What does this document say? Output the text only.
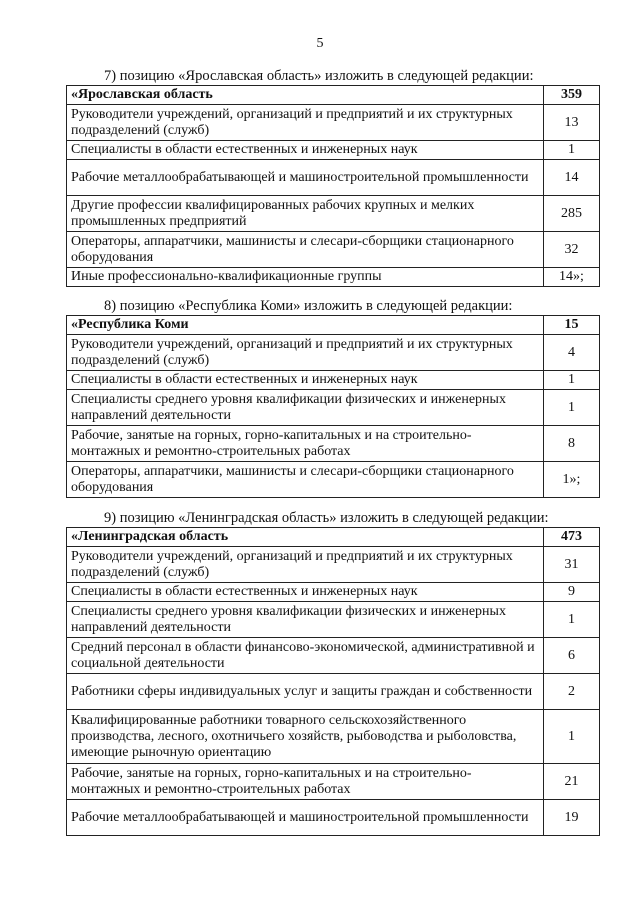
5
7) позицию «Ярославская область» изложить в следующей редакции:
«Ярославская область	359
Руководители учреждений, организаций и предприятий и их структурных подразделений (служб)	13
Специалисты в области естественных и инженерных наук	1
Рабочие металлообрабатывающей и машиностроительной промышленности	14
Другие профессии квалифицированных рабочих крупных и мелких промышленных предприятий	285
Операторы, аппаратчики, машинисты и слесари-сборщики стационарного оборудования	32
Иные профессионально-квалификационные группы	14»;
8) позицию «Республика Коми» изложить в следующей редакции:
«Республика Коми	15
Руководители учреждений, организаций и предприятий и их структурных подразделений (служб)	4
Специалисты в области естественных и инженерных наук	1
Специалисты среднего уровня квалификации физических и инженерных направлений деятельности	1
Рабочие, занятые на горных, горно-капитальных и на строительно-монтажных и ремонтно-строительных работах	8
Операторы, аппаратчики, машинисты и слесари-сборщики стационарного оборудования	1»;
9) позицию «Ленинградская область» изложить в следующей редакции:
«Ленинградская область	473
Руководители учреждений, организаций и предприятий и их структурных подразделений (служб)	31
Специалисты в области естественных и инженерных наук	9
Специалисты среднего уровня квалификации физических и инженерных направлений деятельности	1
Средний персонал в области финансово-экономической, административной и социальной деятельности	6
Работники сферы индивидуальных услуг и защиты граждан и собственности	2
Квалифицированные работники товарного сельскохозяйственного производства, лесного, охотничьего хозяйств, рыбоводства и рыболовства, имеющие рыночную ориентацию	1
Рабочие, занятые на горных, горно-капитальных и на строительно-монтажных и ремонтно-строительных работах	21
Рабочие металлообрабатывающей и машиностроительной промышленности	19
